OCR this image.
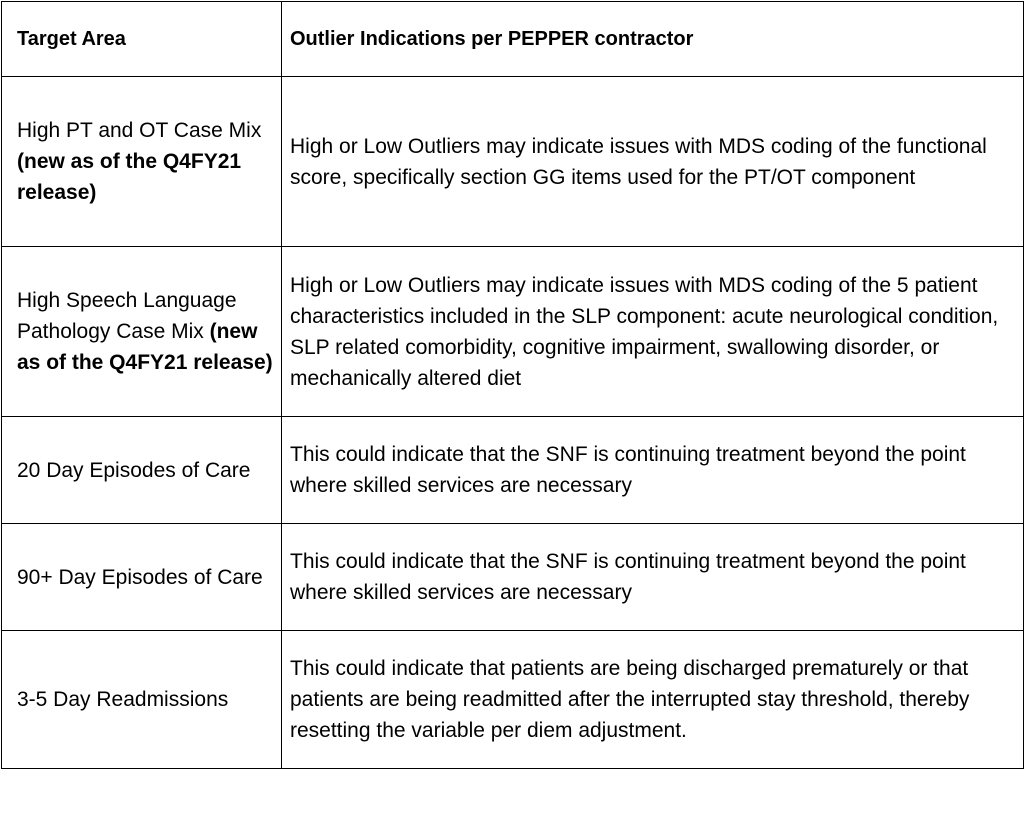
Target Area	Outlier Indications per PEPPER contractor
High PT and OT Case Mix (new as of the Q4FY21 release)	High or Low Outliers may indicate issues with MDS coding of the functional score, specifically section GG items used for the PT/OT component
High Speech Language Pathology Case Mix (new as of the Q4FY21 release)	High or Low Outliers may indicate issues with MDS coding of the 5 patient characteristics included in the SLP component: acute neurological condition, SLP related comorbidity, cognitive impairment, swallowing disorder, or mechanically altered diet
20 Day Episodes of Care	This could indicate that the SNF is continuing treatment beyond the point where skilled services are necessary
90+ Day Episodes of Care	This could indicate that the SNF is continuing treatment beyond the point where skilled services are necessary
3-5 Day Readmissions	This could indicate that patients are being discharged prematurely or that patients are being readmitted after the interrupted stay threshold, thereby resetting the variable per diem adjustment.
